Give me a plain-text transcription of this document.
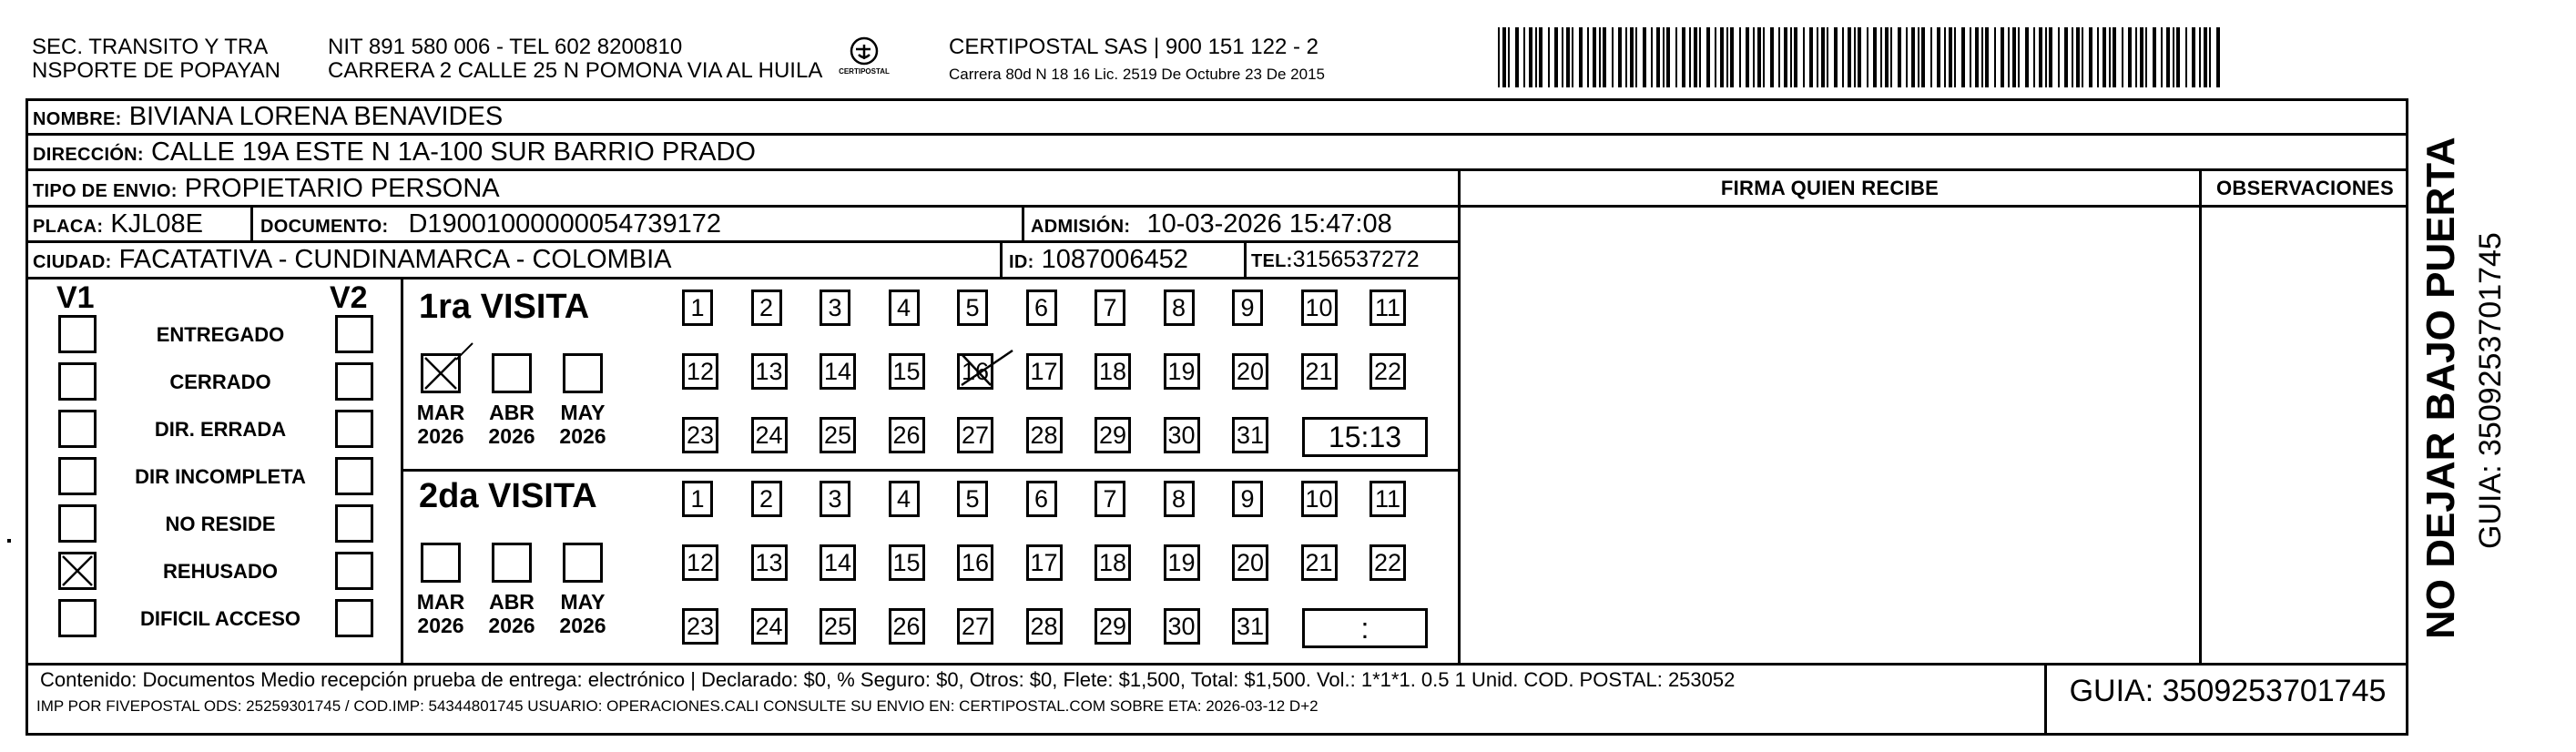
SEC. TRANSITO Y TRA
NSPORTE DE POPAYAN
NIT 891 580 006 - TEL 602 8200810
CARRERA 2 CALLE 25 N POMONA VIA AL HUILA	CERTIPOSTAL
CERTIPOSTAL SAS | 900 151 122 - 2
Carrera 80d N 18 16 Lic. 2519 De Octubre 23 De 2015
NOMBRE: BIVIANA LORENA BENAVIDES
DIRECCIÓN: CALLE 19A ESTE N 1A-100 SUR BARRIO PRADO
TIPO DE ENVIO: PROPIETARIO PERSONA
PLACA: KJL08E	DOCUMENTO: D19001000000054739172	ADMISIÓN: 10-03-2026 15:47:08
CIUDAD: FACATATIVA - CUNDINAMARCA - COLOMBIA	ID: 1087006452	TEL:3156537272
FIRMA QUIEN RECIBE	OBSERVACIONES
V1	V2
ENTREGADO
CERRADO
DIR. ERRADA
DIR INCOMPLETA
NO RESIDE
REHUSADO
DIFICIL ACCESO
1ra VISITA
MAR
2026
ABR
2026
MAY
2026
1	2	3	4	5	6	7	8	9	10 11
12 13 14 15 16 17 18 19 20 21 22
23 24 25 26 27 28 29 30 31	15:13
2da VISITA
MAR
2026
ABR
2026
MAY
2026
1	2	3	4	5	6	7	8	9	10 11
12 13 14 15 16 17 18 19 20 21 22
23 24 25 26 27 28 29 30 31	:
Contenido: Documentos Medio recepción prueba de entrega: electrónico | Declarado: $0, % Seguro: $0, Otros: $0, Flete: $1,500, Total: $1,500. Vol.: 1*1*1. 0.5 1 Unid. COD. POSTAL: 253052
IMP POR FIVEPOSTAL ODS: 25259301745 / COD.IMP: 54344801745 USUARIO: OPERACIONES.CALI CONSULTE SU ENVIO EN: CERTIPOSTAL.COM SOBRE ETA: 2026-03-12 D+2	GUIA: 3509253701745
NO DEJAR BAJO PUERTA GUIA: 3509253701745
